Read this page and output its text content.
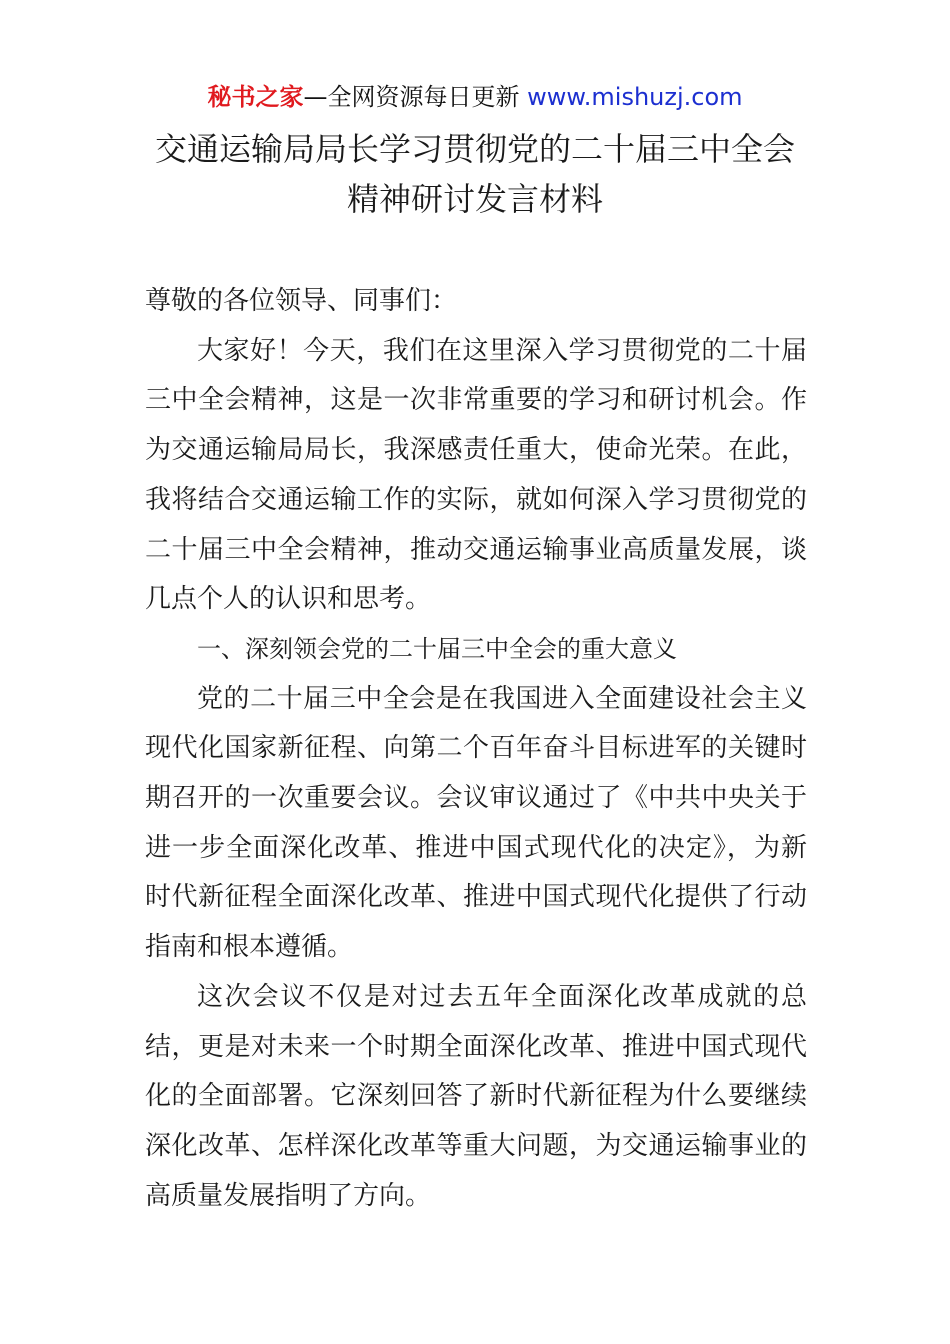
秘书之家—全网资源每日更新 www.mishuzj.com
交通运输局局长学习贯彻党的二十届三中全会
精神研讨发言材料

尊敬的各位领导、同事们：

大家好！今天，我们在这里深入学习贯彻党的二十届三中全会精神，这是一次非常重要的学习和研讨机会。作为交通运输局局长，我深感责任重大，使命光荣。在此，我将结合交通运输工作的实际，就如何深入学习贯彻党的二十届三中全会精神，推动交通运输事业高质量发展，谈几点个人的认识和思考。

一、深刻领会党的二十届三中全会的重大意义

党的二十届三中全会是在我国进入全面建设社会主义现代化国家新征程、向第二个百年奋斗目标进军的关键时期召开的一次重要会议。会议审议通过了《中共中央关于进一步全面深化改革、推进中国式现代化的决定》，为新时代新征程全面深化改革、推进中国式现代化提供了行动指南和根本遵循。

这次会议不仅是对过去五年全面深化改革成就的总结，更是对未来一个时期全面深化改革、推进中国式现代化的全面部署。它深刻回答了新时代新征程为什么要继续深化改革、怎样深化改革等重大问题，为交通运输事业的高质量发展指明了方向。
